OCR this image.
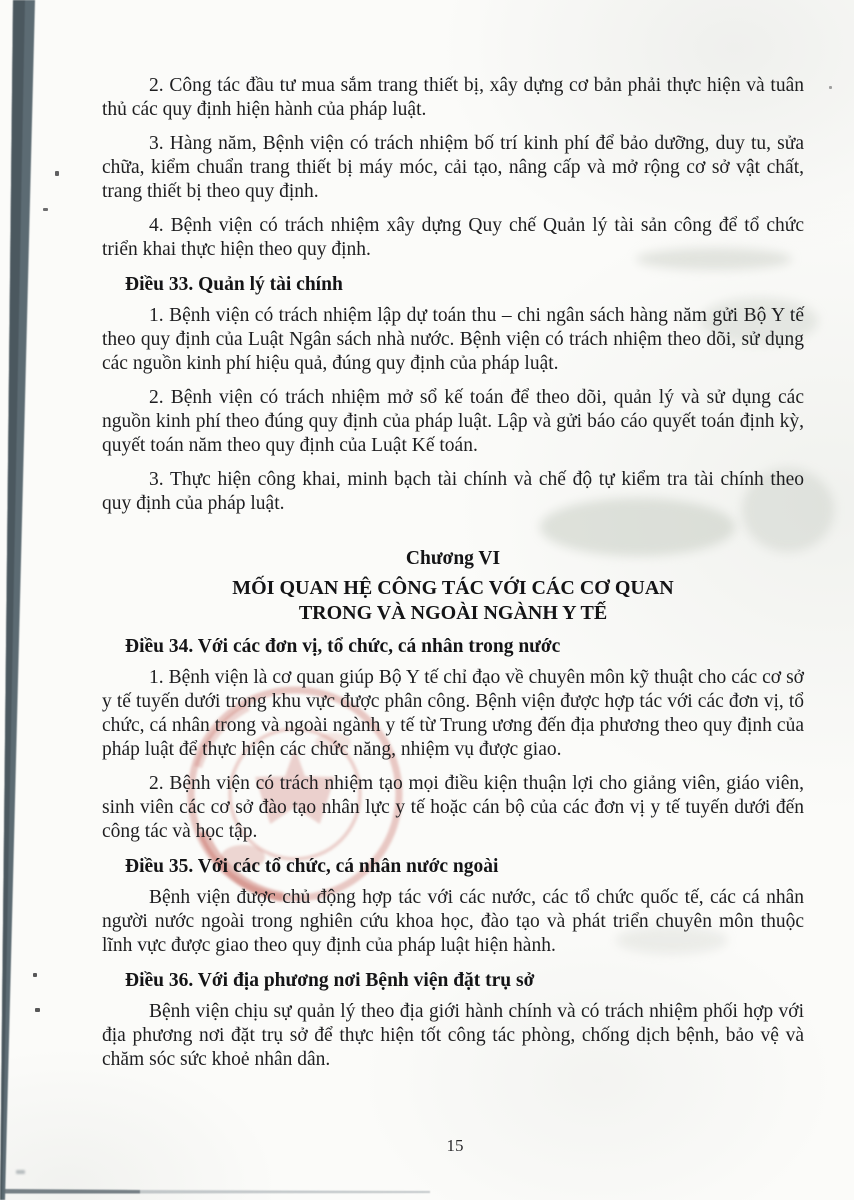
2. Công tác đầu tư mua sắm trang thiết bị, xây dựng cơ bản phải thực hiện và tuân thủ các quy định hiện hành của pháp luật.

3. Hàng năm, Bệnh viện có trách nhiệm bố trí kinh phí để bảo dưỡng, duy tu, sửa chữa, kiểm chuẩn trang thiết bị máy móc, cải tạo, nâng cấp và mở rộng cơ sở vật chất, trang thiết bị theo quy định.

4. Bệnh viện có trách nhiệm xây dựng Quy chế Quản lý tài sản công để tổ chức triển khai thực hiện theo quy định.

Điều 33. Quản lý tài chính

1. Bệnh viện có trách nhiệm lập dự toán thu – chi ngân sách hàng năm gửi Bộ Y tế theo quy định của Luật Ngân sách nhà nước. Bệnh viện có trách nhiệm theo dõi, sử dụng các nguồn kinh phí hiệu quả, đúng quy định của pháp luật.

2. Bệnh viện có trách nhiệm mở sổ kế toán để theo dõi, quản lý và sử dụng các nguồn kinh phí theo đúng quy định của pháp luật. Lập và gửi báo cáo quyết toán định kỳ, quyết toán năm theo quy định của Luật Kế toán.

3. Thực hiện công khai, minh bạch tài chính và chế độ tự kiểm tra tài chính theo quy định của pháp luật.

Chương VI
MỐI QUAN HỆ CÔNG TÁC VỚI CÁC CƠ QUAN
TRONG VÀ NGOÀI NGÀNH Y TẾ
Điều 34. Với các đơn vị, tổ chức, cá nhân trong nước

1. Bệnh viện là cơ quan giúp Bộ Y tế chỉ đạo về chuyên môn kỹ thuật cho các cơ sở y tế tuyến dưới trong khu vực được phân công. Bệnh viện được hợp tác với các đơn vị, tổ chức, cá nhân trong và ngoài ngành y tế từ Trung ương đến địa phương theo quy định của pháp luật để thực hiện các chức năng, nhiệm vụ được giao.

2. Bệnh viện có trách nhiệm tạo mọi điều kiện thuận lợi cho giảng viên, giáo viên, sinh viên các cơ sở đào tạo nhân lực y tế hoặc cán bộ của các đơn vị y tế tuyến dưới đến công tác và học tập.

Điều 35. Với các tổ chức, cá nhân nước ngoài

Bệnh viện được chủ động hợp tác với các nước, các tổ chức quốc tế, các cá nhân người nước ngoài trong nghiên cứu khoa học, đào tạo và phát triển chuyên môn thuộc lĩnh vực được giao theo quy định của pháp luật hiện hành.

Điều 36. Với địa phương nơi Bệnh viện đặt trụ sở

Bệnh viện chịu sự quản lý theo địa giới hành chính và có trách nhiệm phối hợp với địa phương nơi đặt trụ sở để thực hiện tốt công tác phòng, chống dịch bệnh, bảo vệ và chăm sóc sức khoẻ nhân dân.

15
